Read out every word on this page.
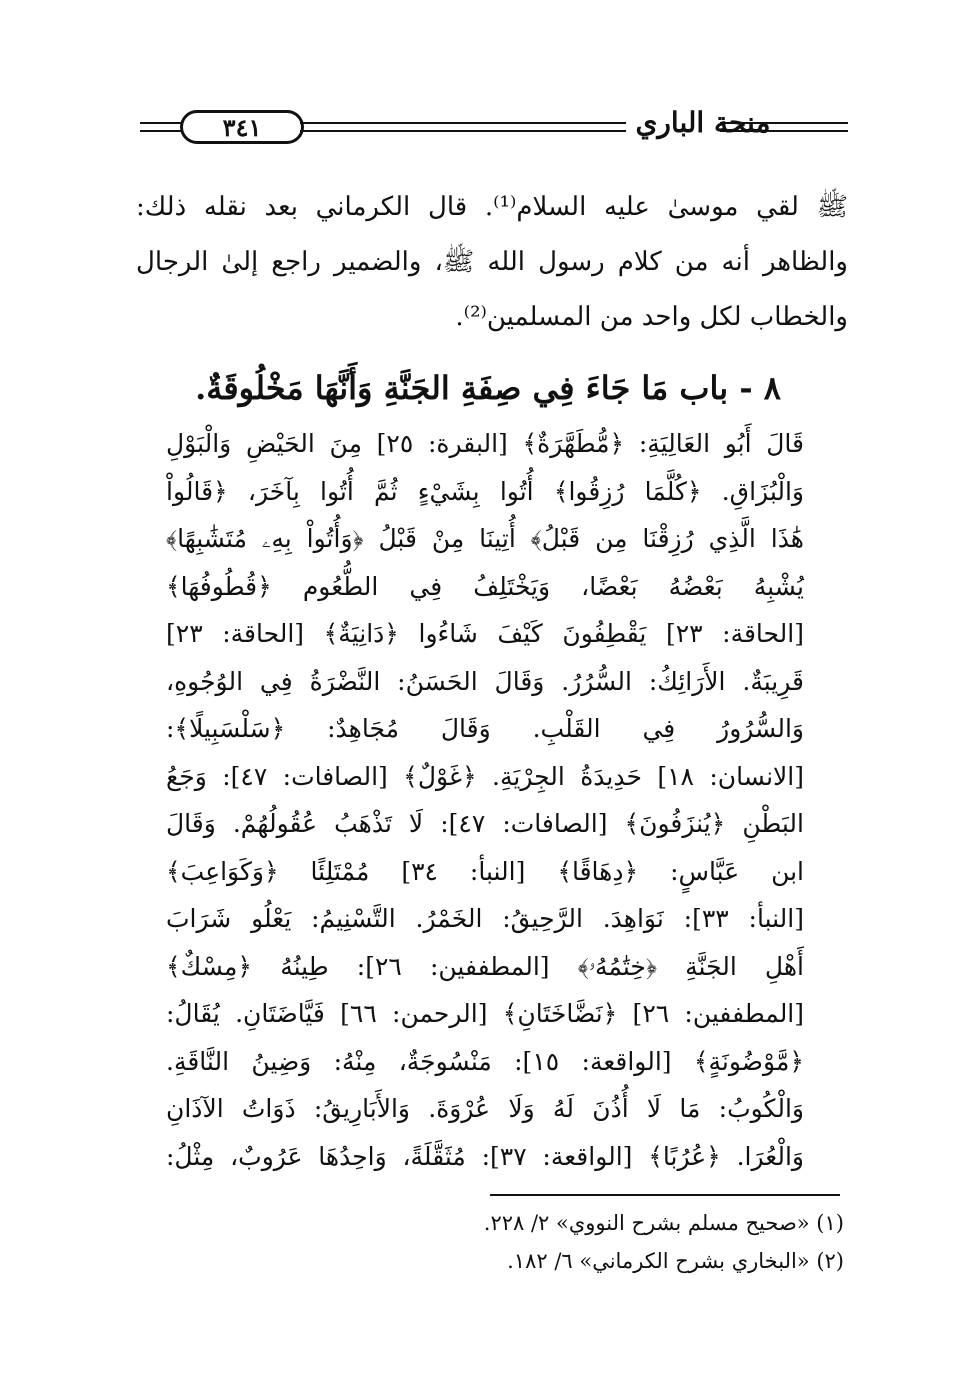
٣٤١	منحة الباري
ﷺ لقي موسىٰ عليه السلام⁽¹⁾. قال الكرماني بعد نقله ذلك: والظاهر أنه من كلام رسول الله ﷺ، والضمير راجع إلىٰ الرجال والخطاب لكل واحد من المسلمين⁽²⁾.
٨ - باب مَا جَاءَ فِي صِفَةِ الجَنَّةِ وَأَنَّهَا مَخْلُوقَةٌ.
قَالَ أَبُو العَالِيَةِ: ﴿مُّطَهَّرَةٌ﴾ [البقرة: ٢٥] مِنَ الحَيْضِ وَالْبَوْلِ
وَالْبُزَاقِ. ﴿كُلَّمَا رُزِقُوا﴾ أُتُوا بِشَيْءٍ ثُمَّ أُتُوا بِآخَرَ، ﴿قَالُواْ
هَٰذَا الَّذِي رُزِقْنَا مِن قَبْلُ﴾ أُتِينَا مِنْ قَبْلُ ﴿وَأُتُواْ بِهِۦ مُتَشَٰبِهًا﴾
يُشْبِهُ بَعْضُهُ بَعْضًا، وَيَخْتَلِفُ فِي الطُّعُوم ﴿قُطُوفُهَا﴾
[الحاقة: ٢٣] يَقْطِفُونَ كَيْفَ شَاءُوا ﴿دَانِيَةٌ﴾ [الحاقة: ٢٣]
قَرِيبَةٌ. الأَرَائِكُ: السُّرُرُ. وَقَالَ الحَسَنُ: النَّضْرَةُ فِي الوُجُوهِ،
وَالسُّرُورُ فِي القَلْبِ. وَقَالَ مُجَاهِدٌ: ﴿سَلْسَبِيلًا﴾:
[الانسان: ١٨] حَدِيدَةُ الجِرْيَةِ. ﴿غَوْلٌ﴾ [الصافات: ٤٧]: وَجَعُ
البَطْنِ ﴿يُنزَفُونَ﴾ [الصافات: ٤٧]: لَا تَذْهَبُ عُقُولُهُمْ. وَقَالَ
ابن عَبَّاسٍ: ﴿دِهَاقًا﴾ [النبأ: ٣٤] مُمْتَلِئًا ﴿وَكَوَاعِبَ﴾
[النبأ: ٣٣]: نَوَاهِدَ. الرَّحِيقُ: الخَمْرُ. التَّسْنِيمُ: يَعْلُو شَرَابَ
أَهْلِ الجَنَّةِ ﴿خِتَٰمُهُۥ﴾ [المطففين: ٢٦]: طِينُهُ ﴿مِسْكٌ﴾
[المطففين: ٢٦] ﴿نَضَّاخَتَانِ﴾ [الرحمن: ٦٦] فَيَّاضَتَانِ. يُقَالُ:
﴿مَّوْضُونَةٍ﴾ [الواقعة: ١٥]: مَنْسُوجَةٌ، مِنْهُ: وَضِينُ النَّاقَةِ.
وَالْكُوبُ: مَا لَا أُذُنَ لَهُ وَلَا عُرْوَةَ. وَالأَبَارِيقُ: ذَوَاتُ الآذَانِ
وَالْعُرَا. ﴿عُرُبًا﴾ [الواقعة: ٣٧]: مُثَقَّلَةً، وَاحِدُهَا عَرُوبٌ، مِثْلُ:
(١) «صحيح مسلم بشرح النووي» ٢/ ٢٢٨.
(٢) «البخاري بشرح الكرماني» ٦/ ١٨٢.
